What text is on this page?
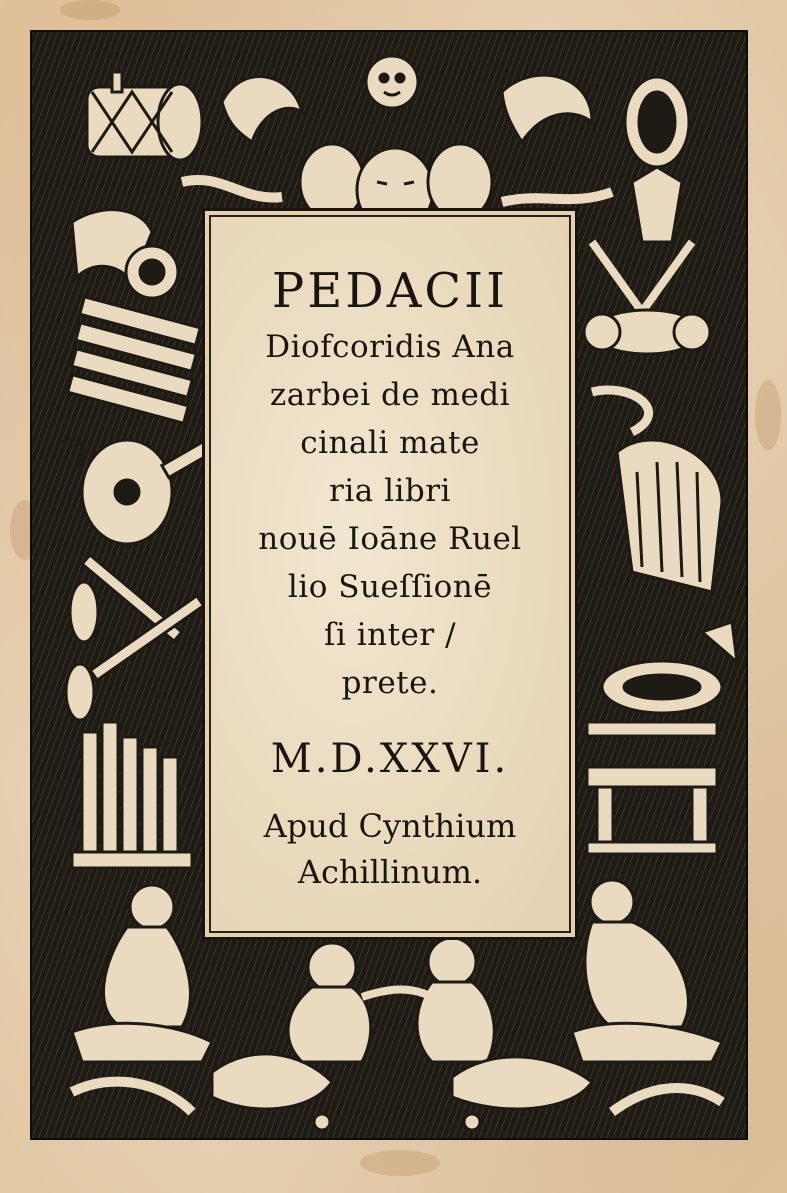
PEDACII
Diofcoridis Ana
zarbei de medi
cinali mate
ria libri
nouē Ioāne Ruel
lio Sueſſionē
ſi inter /
prete.
M.D.XXVI.
Apud Cynthium
Achillinum.
